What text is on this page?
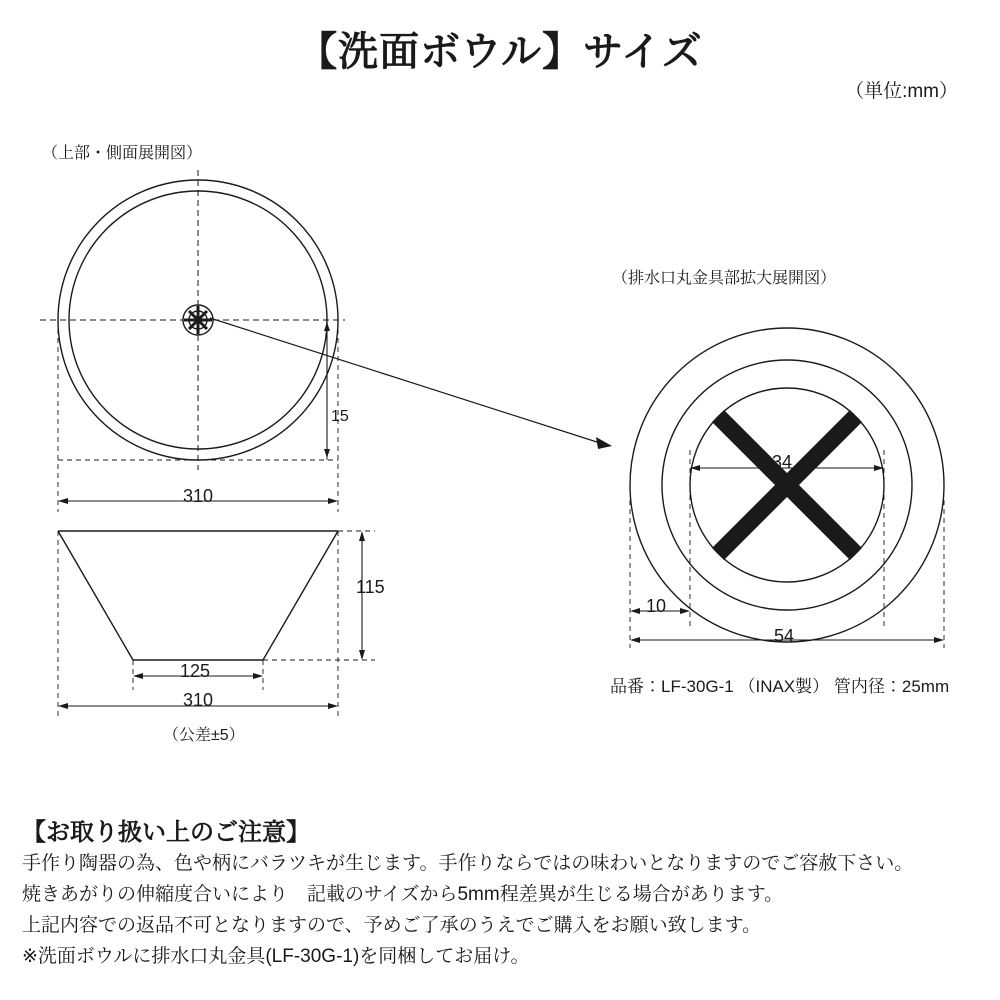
【洗面ボウル】サイズ
（単位:mm）
（上部・側面展開図）
（排水口丸金具部拡大展開図）
310
15
115
125
310
（公差±5）
34
10
54
品番：LF-30G-1 （INAX製） 管内径：25mm
【お取り扱い上のご注意】
手作り陶器の為、色や柄にバラツキが生じます。手作りならではの味わいとなりますのでご容赦下さい。
焼きあがりの伸縮度合いにより　記載のサイズから5mm程差異が生じる場合があります。
上記内容での返品不可となりますので、予めご了承のうえでご購入をお願い致します。
※洗面ボウルに排水口丸金具(LF-30G-1)を同梱してお届け。
